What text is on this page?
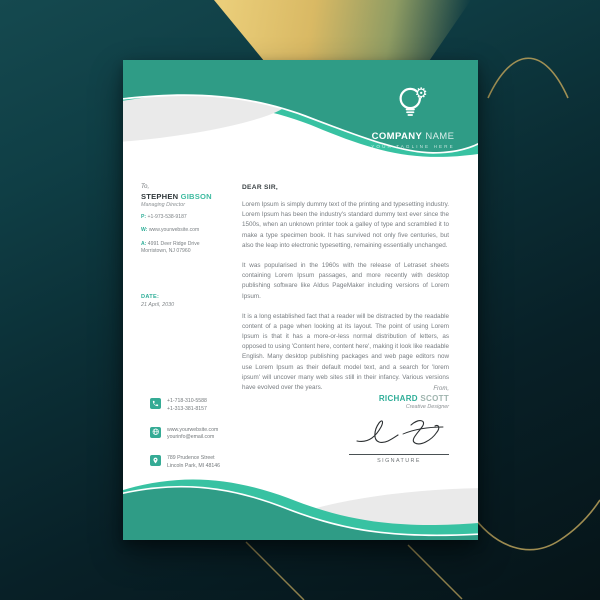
⚙
COMPANY NAME
YOUR TAGLINE HERE
To,
STEPHEN GIBSON
Managing Director
P: +1-973-538-9187
W: www.yourwebsite.com
A: 4991 Deer Ridge Drive
Morristown, NJ 07960
DATE:
21 April, 2030
DEAR SIR,

Lorem Ipsum is simply dummy text of the printing and typesetting industry. Lorem Ipsum has been the industry's standard dummy text ever since the 1500s, when an unknown printer took a galley of type and scrambled it to make a type specimen book. It has survived not only five centuries, but also the leap into electronic typesetting, remaining essentially unchanged.

It was popularised in the 1960s with the release of Letraset sheets containing Lorem Ipsum passages, and more recently with desktop publishing software like Aldus PageMaker including versions of Lorem Ipsum.

It is a long established fact that a reader will be distracted by the readable content of a page when looking at its layout. The point of using Lorem Ipsum is that it has a more-or-less normal distribution of letters, as opposed to using 'Content here, content here', making it look like readable English. Many desktop publishing packages and web page editors now use Lorem Ipsum as their default model text, and a search for 'lorem ipsum' will uncover many web sites still in their infancy. Various versions have evolved over the years.	From,
RICHARD SCOTT
Creative Designer
SIGNATURE
+1-718-310-5588
+1-313-381-8157
www.yourwebsite.com
yourinfo@email.com
789 Prudence Street
Lincoln Park, MI 48146
